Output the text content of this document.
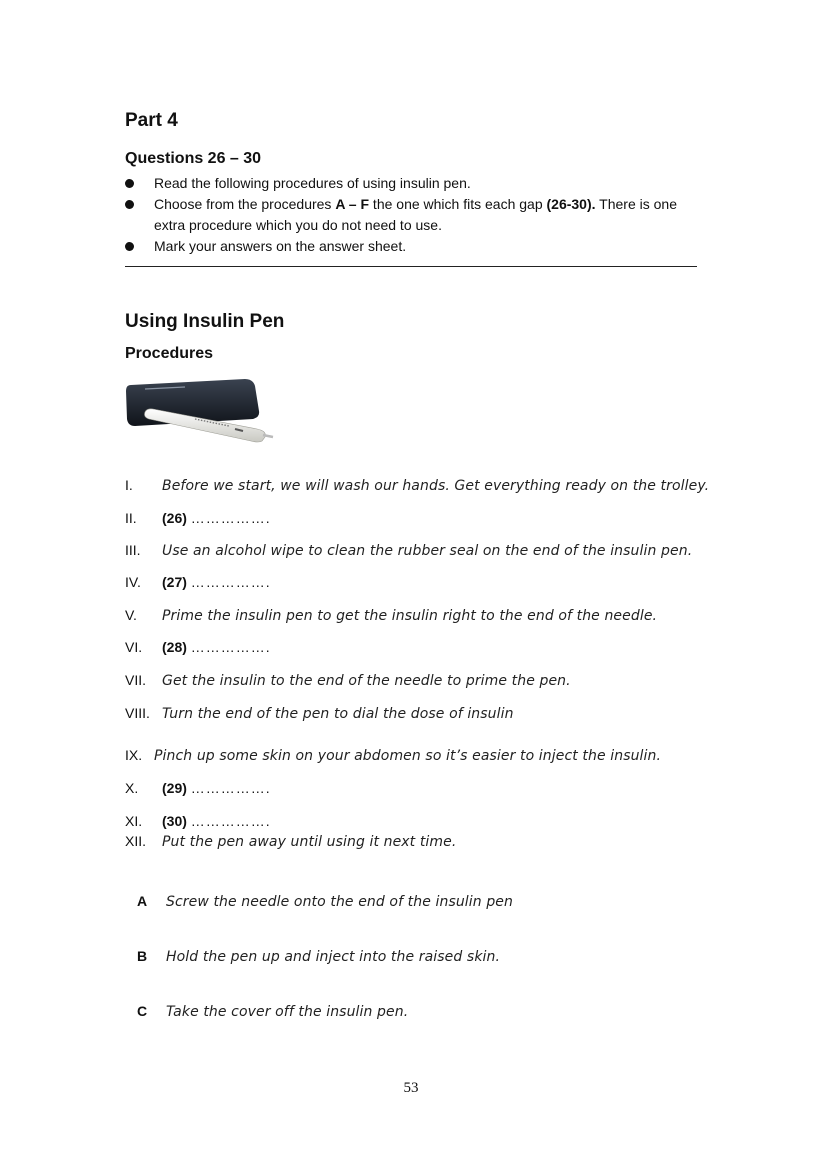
Part 4
Questions 26 – 30
Read the following procedures of using insulin pen.
Choose from the procedures A – F the one which fits each gap (26-30). There is one extra procedure which you do not need to use.
Mark your answers on the answer sheet.
Using Insulin Pen
Procedures
I. Before we start, we will wash our hands. Get everything ready on the trolley.
II. (26) …………….
III. Use an alcohol wipe to clean the rubber seal on the end of the insulin pen.
IV. (27) …………….
V. Prime the insulin pen to get the insulin right to the end of the needle.
VI. (28) …………….
VII. Get the insulin to the end of the needle to prime the pen.
VIII. Turn the end of the pen to dial the dose of insulin
IX. Pinch up some skin on your abdomen so it’s easier to inject the insulin.
X. (29) …………….
XI. (30) …………….
XII. Put the pen away until using it next time.
A Screw the needle onto the end of the insulin pen
B Hold the pen up and inject into the raised skin.
C Take the cover off the insulin pen.
53
